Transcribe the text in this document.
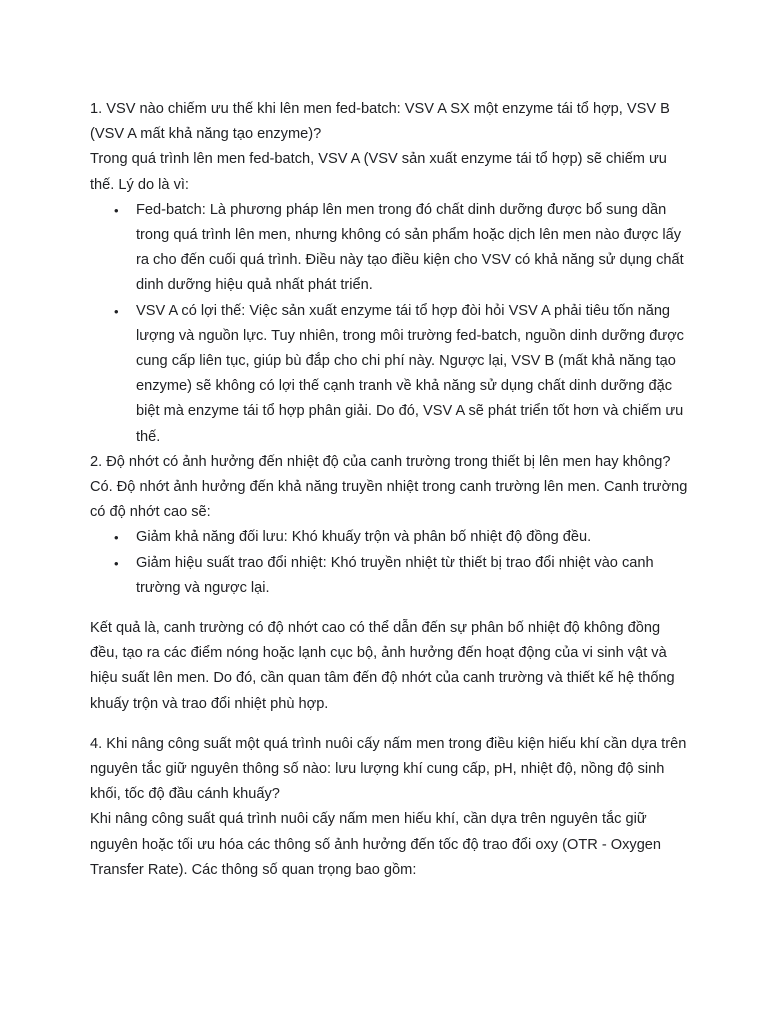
1. VSV nào chiếm ưu thế khi lên men fed-batch: VSV A SX một enzyme tái tổ hợp, VSV B (VSV A mất khả năng tạo enzyme)?

Trong quá trình lên men fed-batch, VSV A (VSV sản xuất enzyme tái tổ hợp) sẽ chiếm ưu thế. Lý do là vì:

• Fed-batch: Là phương pháp lên men trong đó chất dinh dưỡng được bổ sung dần trong quá trình lên men, nhưng không có sản phẩm hoặc dịch lên men nào được lấy ra cho đến cuối quá trình. Điều này tạo điều kiện cho VSV có khả năng sử dụng chất dinh dưỡng hiệu quả nhất phát triển.
• VSV A có lợi thế: Việc sản xuất enzyme tái tổ hợp đòi hỏi VSV A phải tiêu tốn năng lượng và nguồn lực. Tuy nhiên, trong môi trường fed-batch, nguồn dinh dưỡng được cung cấp liên tục, giúp bù đắp cho chi phí này. Ngược lại, VSV B (mất khả năng tạo enzyme) sẽ không có lợi thế cạnh tranh về khả năng sử dụng chất dinh dưỡng đặc biệt mà enzyme tái tổ hợp phân giải. Do đó, VSV A sẽ phát triển tốt hơn và chiếm ưu thế.

2. Độ nhớt có ảnh hưởng đến nhiệt độ của canh trường trong thiết bị lên men hay không?

Có. Độ nhớt ảnh hưởng đến khả năng truyền nhiệt trong canh trường lên men. Canh trường có độ nhớt cao sẽ:

• Giảm khả năng đối lưu: Khó khuấy trộn và phân bố nhiệt độ đồng đều.
• Giảm hiệu suất trao đổi nhiệt: Khó truyền nhiệt từ thiết bị trao đổi nhiệt vào canh trường và ngược lại.

Kết quả là, canh trường có độ nhớt cao có thể dẫn đến sự phân bố nhiệt độ không đồng đều, tạo ra các điểm nóng hoặc lạnh cục bộ, ảnh hưởng đến hoạt động của vi sinh vật và hiệu suất lên men. Do đó, cần quan tâm đến độ nhớt của canh trường và thiết kế hệ thống khuấy trộn và trao đổi nhiệt phù hợp.

4. Khi nâng công suất một quá trình nuôi cấy nấm men trong điều kiện hiếu khí cần dựa trên nguyên tắc giữ nguyên thông số nào: lưu lượng khí cung cấp, pH, nhiệt độ, nồng độ sinh khối, tốc độ đầu cánh khuấy?

Khi nâng công suất quá trình nuôi cấy nấm men hiếu khí, cần dựa trên nguyên tắc giữ nguyên hoặc tối ưu hóa các thông số ảnh hưởng đến tốc độ trao đổi oxy (OTR - Oxygen Transfer Rate). Các thông số quan trọng bao gồm:
